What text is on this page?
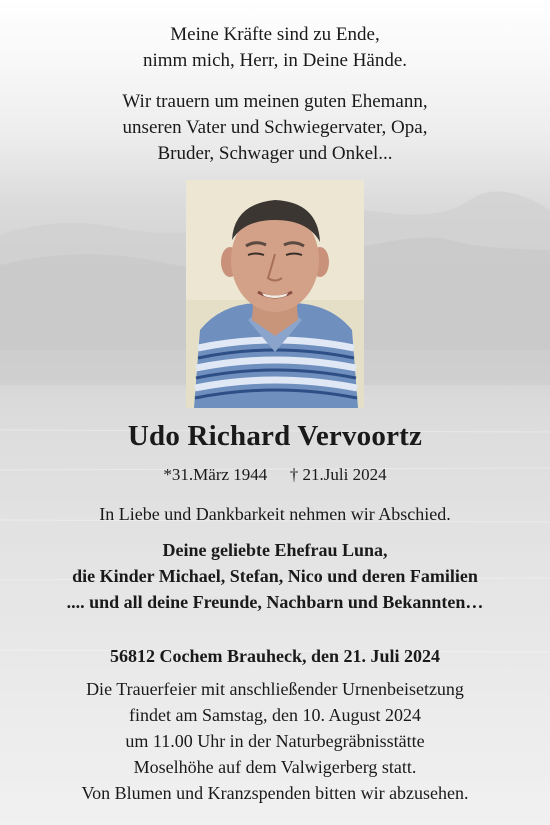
Meine Kräfte sind zu Ende,
nimm mich, Herr, in Deine Hände.
Wir trauern um meinen guten Ehemann,
unseren Vater und Schwiegervater, Opa,
Bruder, Schwager und Onkel...
Udo Richard Vervoortz
*31.März 1944 † 21.Juli 2024
In Liebe und Dankbarkeit nehmen wir Abschied.
Deine geliebte Ehefrau Luna,
die Kinder Michael, Stefan, Nico und deren Familien
.... und all deine Freunde, Nachbarn und Bekannten…
56812 Cochem Brauheck, den 21. Juli 2024
Die Trauerfeier mit anschließender Urnenbeisetzung
findet am Samstag, den 10. August 2024
um 11.00 Uhr in der Naturbegräbnisstätte
Moselhöhe auf dem Valwigerberg statt.
Von Blumen und Kranzspenden bitten wir abzusehen.
